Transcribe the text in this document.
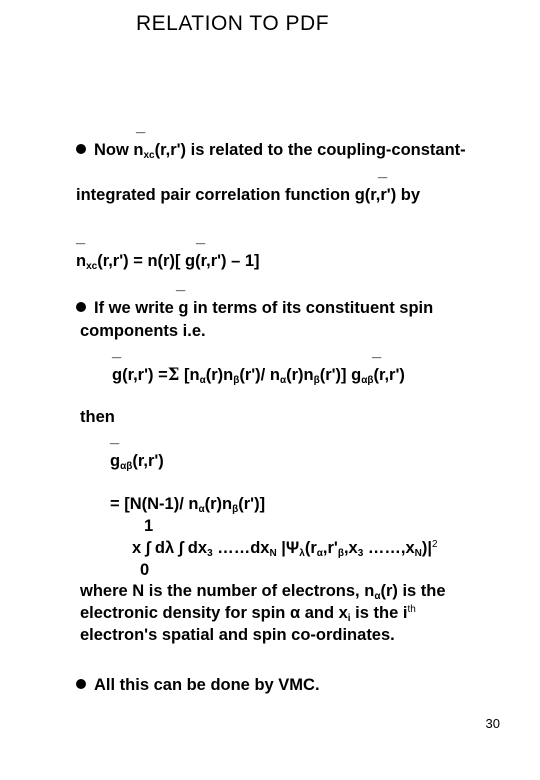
RELATION TO PDF
_
Now $n_{xc}(r,r')$ is related to the coupling-constant-
_
integrated pair correlation function g(r,r') by
_	_
$n_{xc}(r,r') = n(r)$[ g(r,r') – 1]
_
If we write g in terms of its constituent spin
components i.e.
_	_
g(r,r') =Σ [$n_\alpha(r)n_\beta(r')/$ $n_\alpha(r)n_\beta(r')$] $g_{\alpha\beta}(r,r')$
then
_
$g_{\alpha\beta}(r,r')$
= [N(N-1)/ $n_\alpha(r)n_\beta(r')$]
1
x ∫ dλ ∫ $dx_3$ $\dots\dots dx_N$ $|\Psi_\lambda(r_\alpha,r'_\beta,x_3$ $\dots\dots,x_N)|^2$
0
where N is the number of electrons, $n_\alpha(r)$ is the
electronic density for spin α and $x_i$ is the $i^{th}$
electron's spatial and spin co-ordinates.
All this can be done by VMC.
30
